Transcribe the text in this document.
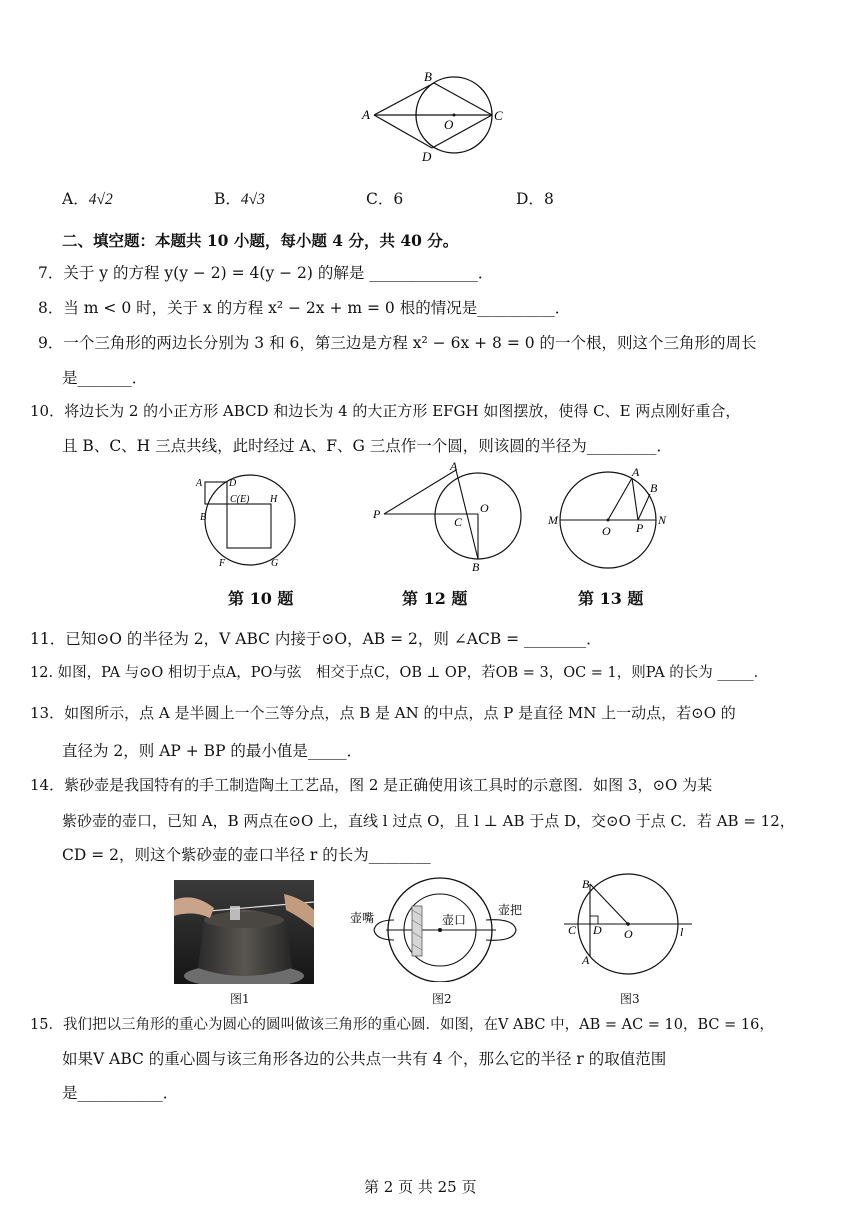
A
B
C
D
O
A．4√2	B．4√3	C．6	D．8
二、填空题：本题共 10 小题，每小题 4 分，共 40 分。
7．关于 y 的方程 y(y − 2) = 4(y − 2) 的解是 ______________．
8．当 m < 0 时，关于 x 的方程 x² − 2x + m = 0 根的情况是__________．
9．一个三角形的两边长分别为 3 和 6，第三边是方程 x² − 6x + 8 = 0 的一个根，则这个三角形的周长
是_______．
10．将边长为 2 的小正方形 ABCD 和边长为 4 的大正方形 EFGH 如图摆放，使得 C、E 两点刚好重合，
且 B、C、H 三点共线，此时经过 A、F、G 三点作一个圆，则该圆的半径为_________．
A	D
C(E) H
B
F	G
A
P
C
O
B
A
B
M
O P
N
第 10 题	第 12 题	第 13 题
11．已知⊙O 的半径为 2，V ABC 内接于⊙O，AB = 2，则 ∠ACB = ________．
12. 如图，PA 与⊙O 相切于点A，PO与弦　相交于点C，OB ⊥ OP，若OB = 3，OC = 1，则PA 的长为 _____．
13．如图所示，点 A 是半圆上一个三等分点，点 B 是 AN 的中点，点 P 是直径 MN 上一动点，若⊙O 的
直径为 2，则 AP + BP 的最小值是_____．
14．紫砂壶是我国特有的手工制造陶土工艺品，图 2 是正确使用该工具时的示意图．如图 3，⊙O 为某
紫砂壶的壶口，已知 A，B 两点在⊙O 上，直线 l 过点 O，且 l ⊥ AB 于点 D，交⊙O 于点 C．若 AB = 12，
CD = 2，则这个紫砂壶的壶口半径 r 的长为________
壶嘴	壶口
壶把
B
C D O	l
A
图1	图2	图3
15．我们把以三角形的重心为圆心的圆叫做该三角形的重心圆．如图，在V ABC 中，AB = AC = 10，BC = 16，
如果V ABC 的重心圆与该三角形各边的公共点一共有 4 个，那么它的半径 r 的取值范围
是___________．
第 2 页 共 25 页
